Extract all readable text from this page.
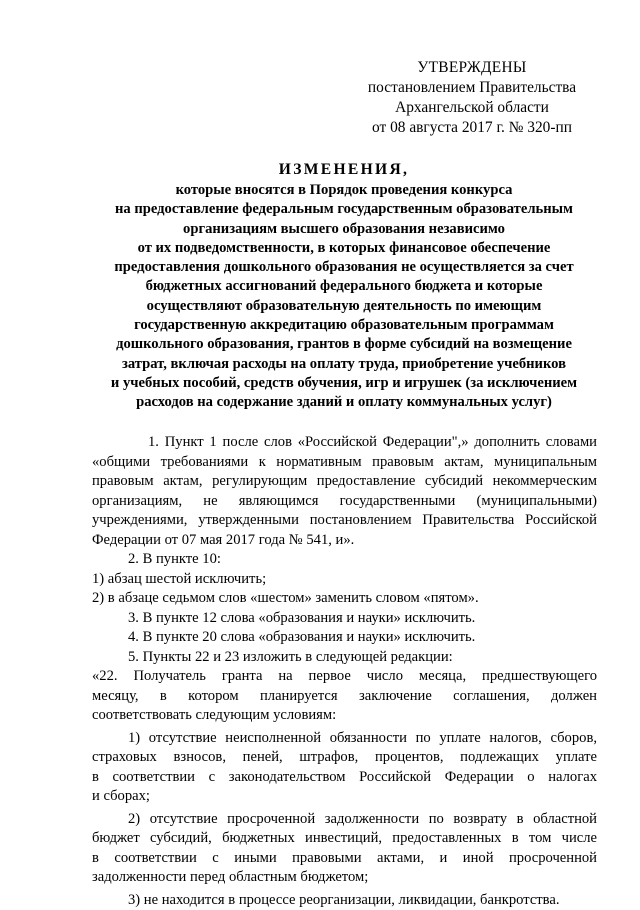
УТВЕРЖДЕНЫ
постановлением Правительства
Архангельской области
от 08 августа 2017 г. № 320-пп
ИЗМЕНЕНИЯ,
которые вносятся в Порядок проведения конкурса
на предоставление федеральным государственным образовательным
организациям высшего образования независимо
от их подведомственности, в которых финансовое обеспечение
предоставления дошкольного образования не осуществляется за счет
бюджетных ассигнований федерального бюджета и которые
осуществляют образовательную деятельность по имеющим
государственную аккредитацию образовательным программам
дошкольного образования, грантов в форме субсидий на возмещение
затрат, включая расходы на оплату труда, приобретение учебников
и учебных пособий, средств обучения, игр и игрушек (за исключением
расходов на содержание зданий и оплату коммунальных услуг)
1. Пункт 1 после слов «Российской Федерации",» дополнить словами
«общими требованиями к нормативным правовым актам, муниципальным
правовым актам, регулирующим предоставление субсидий некоммерческим
организациям, не являющимся государственными (муниципальными)
учреждениями, утвержденными постановлением Правительства Российской
Федерации от 07 мая 2017 года № 541, и».
2. В пункте 10:
1) абзац шестой исключить;
2) в абзаце седьмом слов «шестом» заменить словом «пятом».
3. В пункте 12 слова «образования и науки» исключить.
4. В пункте 20 слова «образования и науки» исключить.
5. Пункты 22 и 23 изложить в следующей редакции:
«22. Получатель гранта на первое число месяца, предшествующего
месяцу, в котором планируется заключение соглашения, должен
соответствовать следующим условиям:
1) отсутствие неисполненной обязанности по уплате налогов, сборов,
страховых взносов, пеней, штрафов, процентов, подлежащих уплате
в соответствии с законодательством Российской Федерации о налогах
и сборах;
2) отсутствие просроченной задолженности по возврату в областной
бюджет субсидий, бюджетных инвестиций, предоставленных в том числе
в соответствии с иными правовыми актами, и иной просроченной
задолженности перед областным бюджетом;
3) не находится в процессе реорганизации, ликвидации, банкротства.
